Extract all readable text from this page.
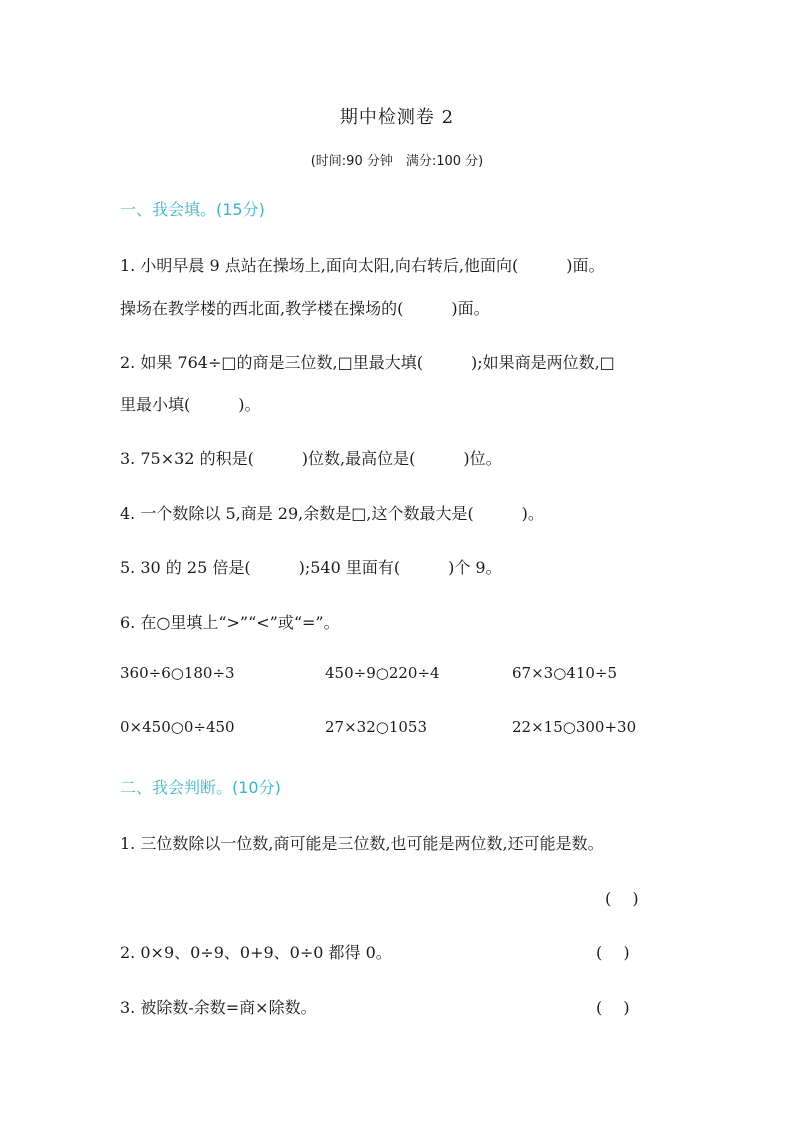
期中检测卷 2
(时间:90 分钟　满分:100 分)
一、我会填。(15分)
1. 小明早晨 9 点站在操场上,面向太阳,向右转后,他面向(　　　)面。
操场在教学楼的西北面,教学楼在操场的(　　　)面。
2. 如果 764÷□的商是三位数,□里最大填(　　　);如果商是两位数,□
里最小填(　　　)。
3. 75×32 的积是(　　　)位数,最高位是(　　　)位。
4. 一个数除以 5,商是 29,余数是□,这个数最大是(　　　)。
5. 30 的 25 倍是(　　　);540 里面有(　　　)个 9。
6. 在○里填上“>”“<”或“=”。
360÷6○180÷3	450÷9○220÷4	67×3○410÷5
0×450○0÷450	27×32○1053	22×15○300+30
二、我会判断。(10分)
1. 三位数除以一位数,商可能是三位数,也可能是两位数,还可能是数。
(　 )
2. 0×9、0÷9、0+9、0÷0 都得 0。	(　 )
3. 被除数-余数=商×除数。	(　 )
